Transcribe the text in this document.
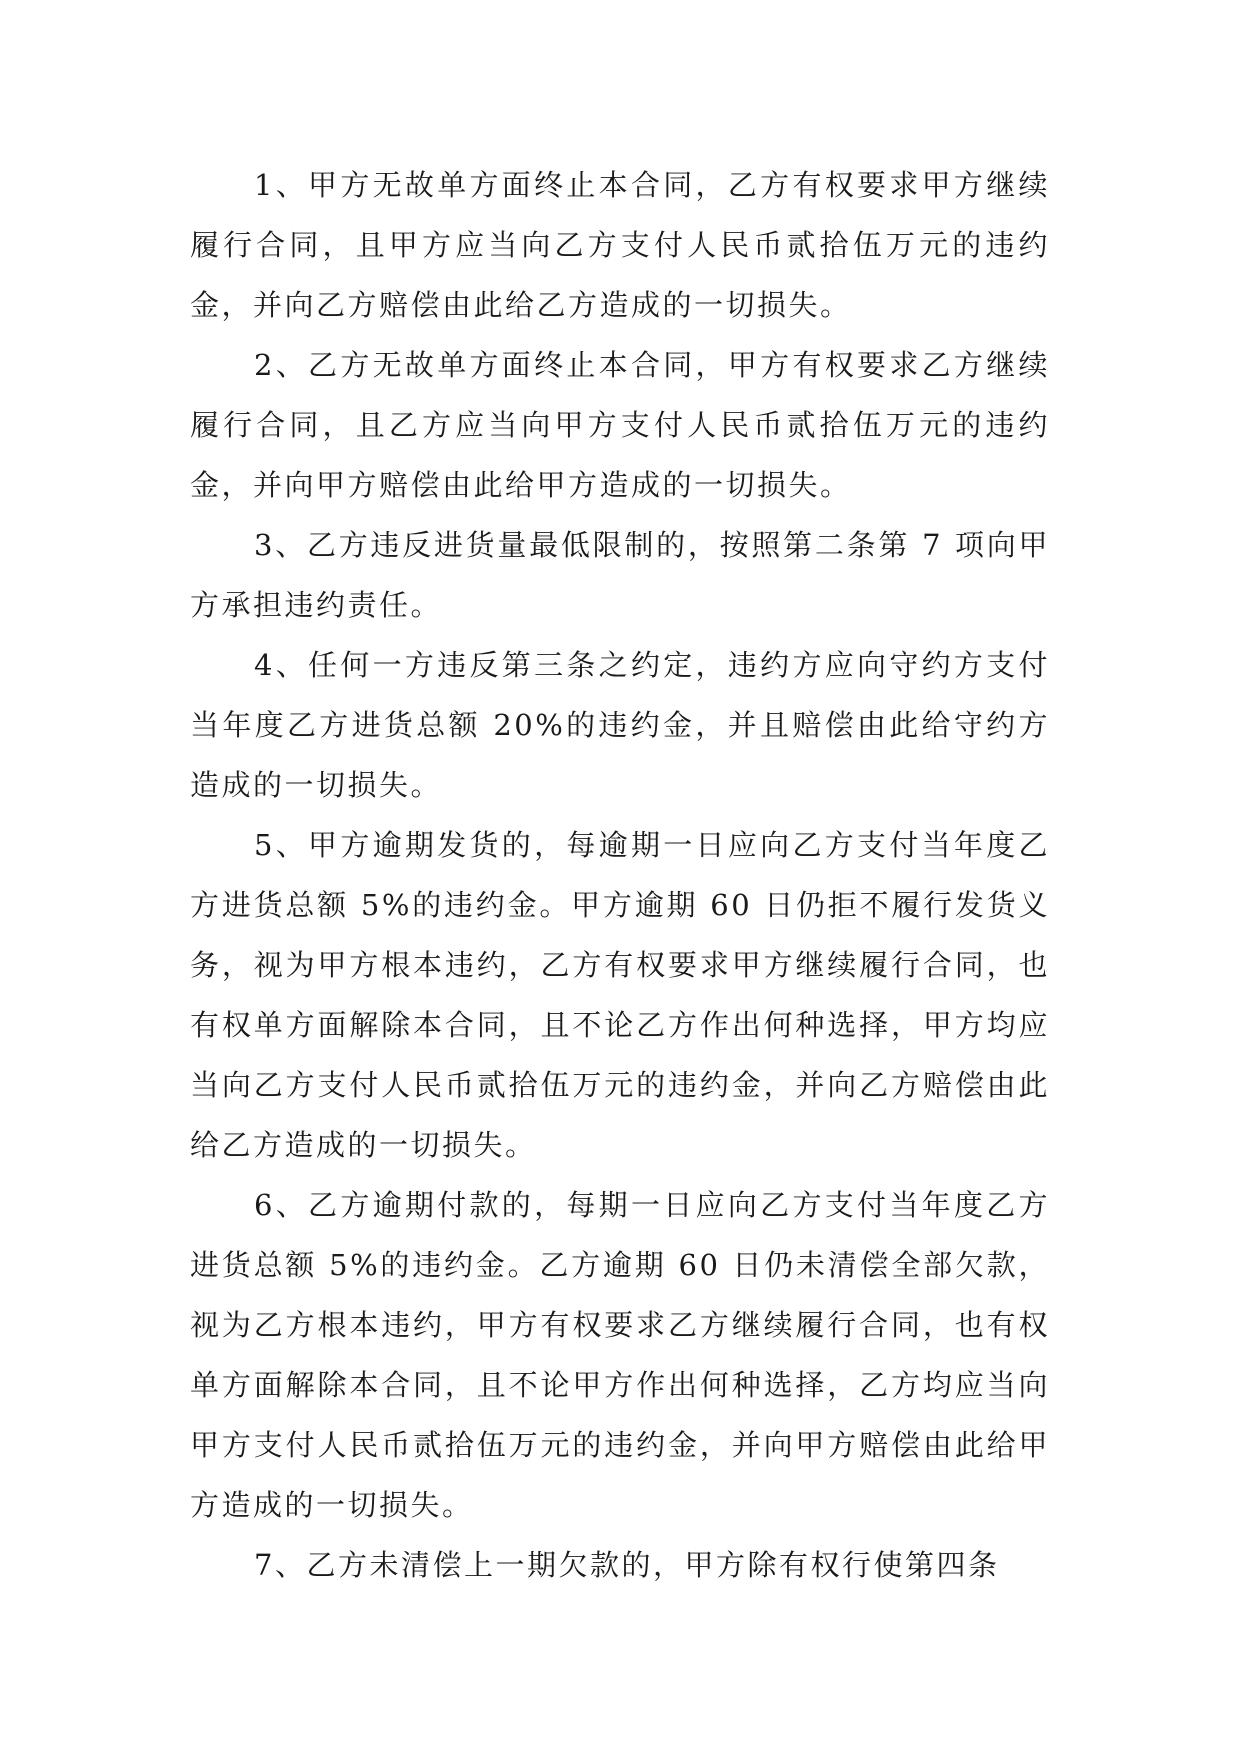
1、甲方无故单方面终止本合同，乙方有权要求甲方继续履行合同，且甲方应当向乙方支付人民币贰拾伍万元的违约金，并向乙方赔偿由此给乙方造成的一切损失。

2、乙方无故单方面终止本合同，甲方有权要求乙方继续履行合同，且乙方应当向甲方支付人民币贰拾伍万元的违约金，并向甲方赔偿由此给甲方造成的一切损失。

3、乙方违反进货量最低限制的，按照第二条第 7 项向甲方承担违约责任。

4、任何一方违反第三条之约定，违约方应向守约方支付当年度乙方进货总额 20%的违约金，并且赔偿由此给守约方造成的一切损失。

5、甲方逾期发货的，每逾期一日应向乙方支付当年度乙方进货总额 5%的违约金。甲方逾期 60 日仍拒不履行发货义务，视为甲方根本违约，乙方有权要求甲方继续履行合同，也有权单方面解除本合同，且不论乙方作出何种选择，甲方均应当向乙方支付人民币贰拾伍万元的违约金，并向乙方赔偿由此给乙方造成的一切损失。

6、乙方逾期付款的，每期一日应向乙方支付当年度乙方进货总额 5%的违约金。乙方逾期 60 日仍未清偿全部欠款，视为乙方根本违约，甲方有权要求乙方继续履行合同，也有权单方面解除本合同，且不论甲方作出何种选择，乙方均应当向甲方支付人民币贰拾伍万元的违约金，并向甲方赔偿由此给甲方造成的一切损失。

7、乙方未清偿上一期欠款的，甲方除有权行使第四条
